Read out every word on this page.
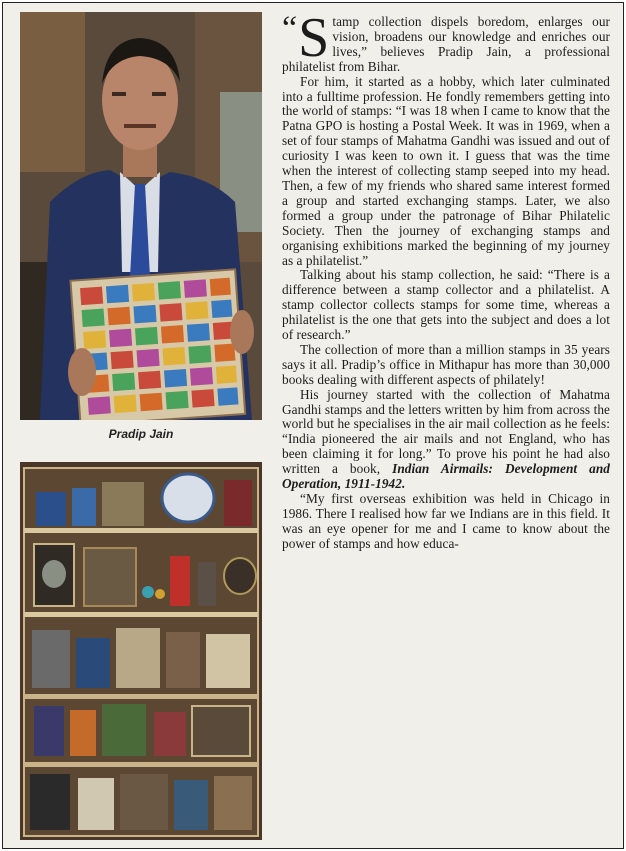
Pradip Jain

“ S tamp collection dispels boredom, enlarges our vision, broadens our knowledge and enriches our lives,” believes Pradip Jain, a professional philatelist from Bihar.

For him, it started as a hobby, which later culminated into a fulltime profession. He fondly remembers getting into the world of stamps: “I was 18 when I came to know that the Patna GPO is hosting a Postal Week. It was in 1969, when a set of four stamps of Mahatma Gandhi was issued and out of curiosity I was keen to own it. I guess that was the time when the interest of collecting stamp seeped into my head. Then, a few of my friends who shared same interest formed a group and started exchanging stamps. Later, we also formed a group under the patronage of Bihar Philatelic Society. Then the journey of exchanging stamps and organising exhibitions marked the beginning of my journey as a philatelist.”

Talking about his stamp collection, he said: “There is a difference between a stamp collector and a philatelist. A stamp collector collects stamps for some time, whereas a philatelist is the one that gets into the subject and does a lot of research.”

The collection of more than a million stamps in 35 years says it all. Pradip’s office in Mithapur has more than 30,000 books dealing with different aspects of philately!

His journey started with the collection of Mahatma Gandhi stamps and the letters written by him from across the world but he specialises in the air mail collection as he feels: “India pioneered the air mails and not England, who has been claiming it for long.” To prove his point he had also written a book, Indian Airmails: Development and Operation, 1911-1942.

“My first overseas exhibition was held in Chicago in 1986. There I realised how far we Indians are in this field. It was an eye opener for me and I came to know about the power of stamps and how educa-
